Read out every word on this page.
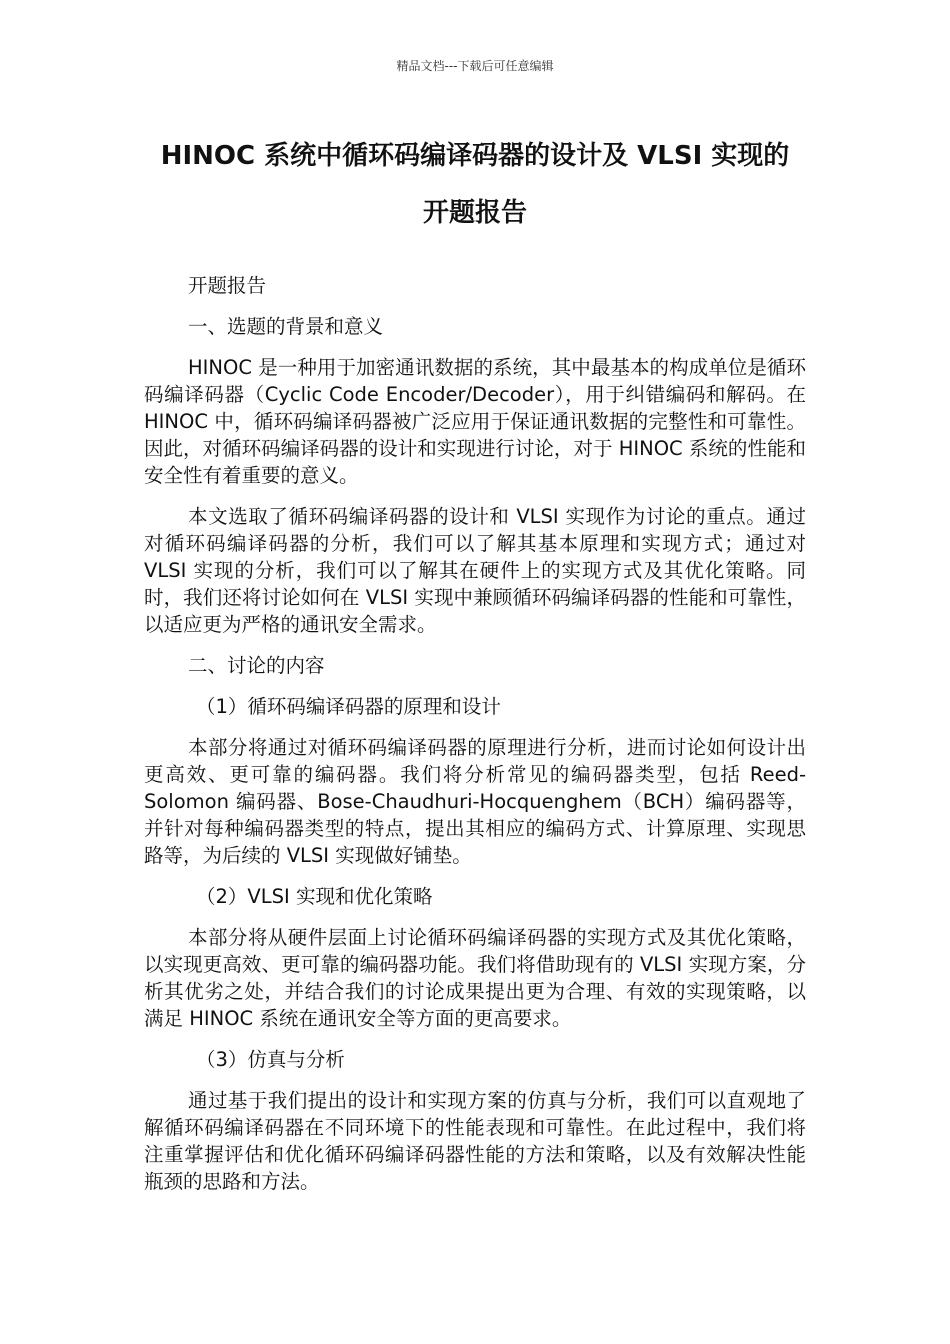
精品文档---下载后可任意编辑
HINOC 系统中循环码编译码器的设计及 VLSI 实现的
开题报告

开题报告

一、选题的背景和意义

HINOC 是一种用于加密通讯数据的系统，其中最基本的构成单位是循环码编译码器（Cyclic Code Encoder/Decoder），用于纠错编码和解码。在 HINOC 中，循环码编译码器被广泛应用于保证通讯数据的完整性和可靠性。因此，对循环码编译码器的设计和实现进行讨论，对于 HINOC 系统的性能和安全性有着重要的意义。

本文选取了循环码编译码器的设计和 VLSI 实现作为讨论的重点。通过对循环码编译码器的分析，我们可以了解其基本原理和实现方式；通过对 VLSI 实现的分析，我们可以了解其在硬件上的实现方式及其优化策略。同时，我们还将讨论如何在 VLSI 实现中兼顾循环码编译码器的性能和可靠性，以适应更为严格的通讯安全需求。

二、讨论的内容

（1）循环码编译码器的原理和设计

本部分将通过对循环码编译码器的原理进行分析，进而讨论如何设计出更高效、更可靠的编码器。我们将分析常见的编码器类型，包括 Reed-Solomon 编码器、Bose-Chaudhuri-Hocquenghem（BCH）编码器等，并针对每种编码器类型的特点，提出其相应的编码方式、计算原理、实现思路等，为后续的 VLSI 实现做好铺垫。

（2）VLSI 实现和优化策略

本部分将从硬件层面上讨论循环码编译码器的实现方式及其优化策略，以实现更高效、更可靠的编码器功能。我们将借助现有的 VLSI 实现方案，分析其优劣之处，并结合我们的讨论成果提出更为合理、有效的实现策略，以满足 HINOC 系统在通讯安全等方面的更高要求。

（3）仿真与分析

通过基于我们提出的设计和实现方案的仿真与分析，我们可以直观地了解循环码编译码器在不同环境下的性能表现和可靠性。在此过程中，我们将注重掌握评估和优化循环码编译码器性能的方法和策略，以及有效解决性能瓶颈的思路和方法。
